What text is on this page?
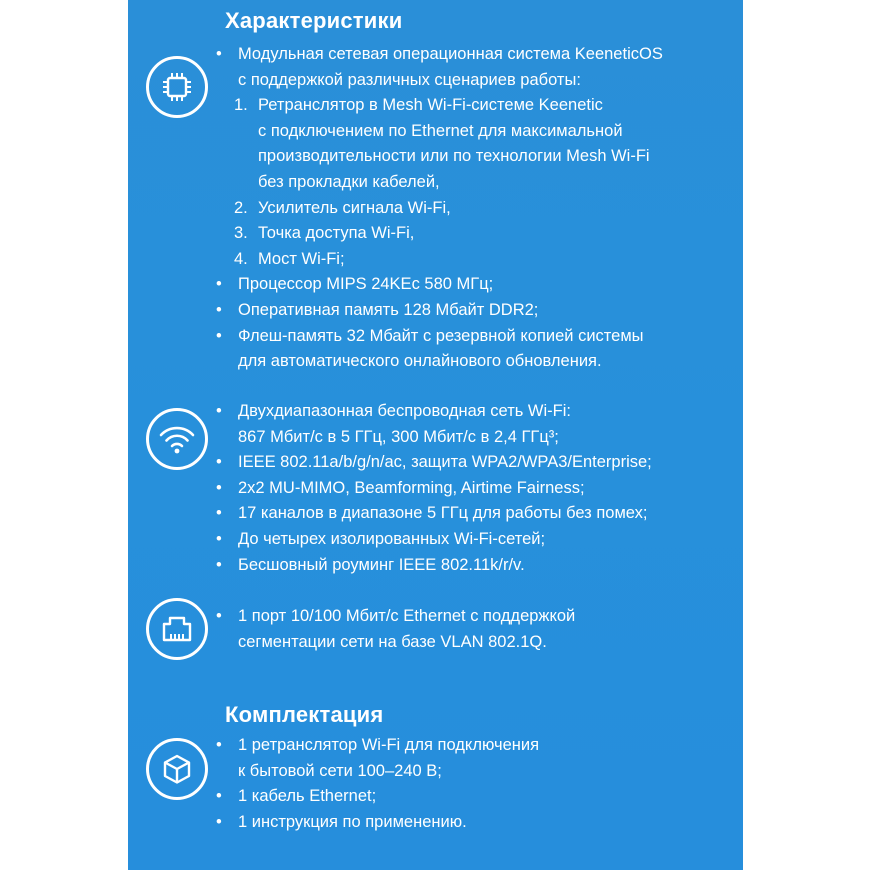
Характеристики
• Модульная сетевая операционная система KeeneticOS
с поддержкой различных сценариев работы:
1. Ретранслятор в Mesh Wi-Fi-системе Keenetic
с подключением по Ethernet для максимальной
производительности или по технологии Mesh Wi-Fi
без прокладки кабелей,
2. Усилитель сигнала Wi-Fi,
3. Точка доступа Wi-Fi,
4. Мост Wi-Fi;
• Процессор MIPS 24KEc 580 МГц;
• Оперативная память 128 Мбайт DDR2;
• Флеш-память 32 Мбайт с резервной копией системы
для автоматического онлайнового обновления.
• Двухдиапазонная беспроводная сеть Wi-Fi:
867 Мбит/с в 5 ГГц, 300 Мбит/с в 2,4 ГГц³;
• IEEE 802.11a/b/g/n/ac, защита WPA2/WPA3/Enterprise;
• 2x2 MU-MIMO, Beamforming, Airtime Fairness;
• 17 каналов в диапазоне 5 ГГц для работы без помех;
• До четырех изолированных Wi-Fi-сетей;
• Бесшовный роуминг IEEE 802.11k/r/v.
• 1 порт 10/100 Мбит/с Ethernet с поддержкой
сегментации сети на базе VLAN 802.1Q.
Комплектация
• 1 ретранслятор Wi-Fi для подключения
к бытовой сети 100–240 В;
• 1 кабель Ethernet;
• 1 инструкция по применению.
